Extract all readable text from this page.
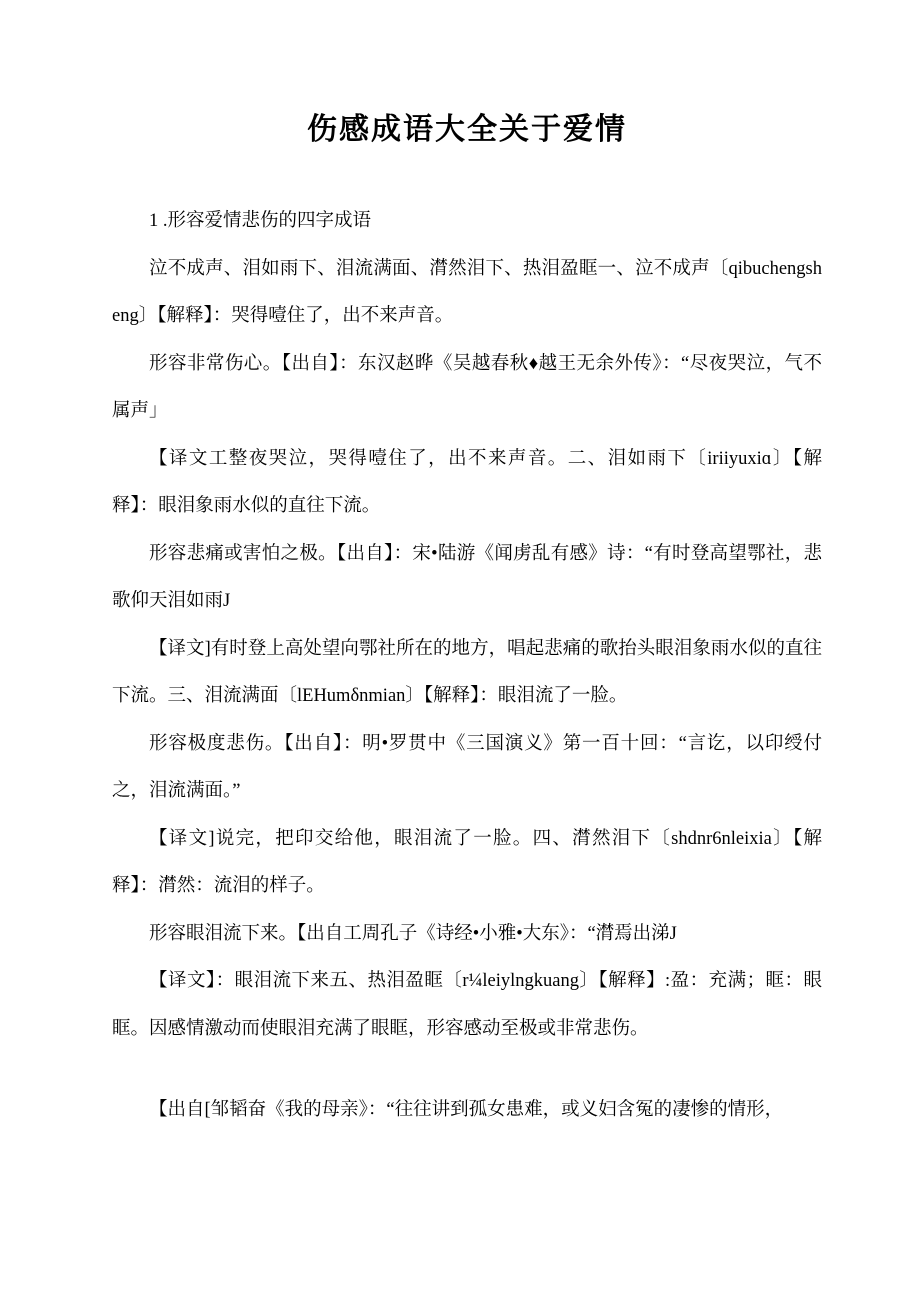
伤感成语大全关于爱情

1 .形容爱情悲伤的四字成语

泣不成声、泪如雨下、泪流满面、潸然泪下、热泪盈眶一、泣不成声〔qibuchengsheng〕【解释】：哭得噎住了，出不来声音。

形容非常伤心。【出自】：东汉赵晔《吴越春秋♦越王无余外传》：“尽夜哭泣，气不属声」

【译文工整夜哭泣，哭得噎住了，出不来声音。二、泪如雨下〔iriiyuxiɑ〕【解释】：眼泪象雨水似的直往下流。

形容悲痛或害怕之极。【出自】：宋•陆游《闻虏乱有感》诗：“有时登高望鄂社，悲歌仰天泪如雨J

【译文]有时登上高处望向鄂社所在的地方，唱起悲痛的歌抬头眼泪象雨水似的直往下流。三、泪流满面〔lEHumδnmian〕【解释】：眼泪流了一脸。

形容极度悲伤。【出自】：明•罗贯中《三国演义》第一百十回：“言讫，以印绶付之，泪流满面。”

【译文]说完，把印交给他，眼泪流了一脸。四、潸然泪下〔shdnr6nleixia〕【解释】：潸然：流泪的样子。

形容眼泪流下来。【出自工周孔子《诗经•小雅•大东》：“潸焉出涕J

【译文】：眼泪流下来五、热泪盈眶〔r¼leiylngkuang〕【解释】:盈：充满；眶：眼眶。因感情激动而使眼泪充满了眼眶，形容感动至极或非常悲伤。

【出自[邹韬奋《我的母亲》：“往往讲到孤女患难，或义妇含冤的凄惨的情形，
